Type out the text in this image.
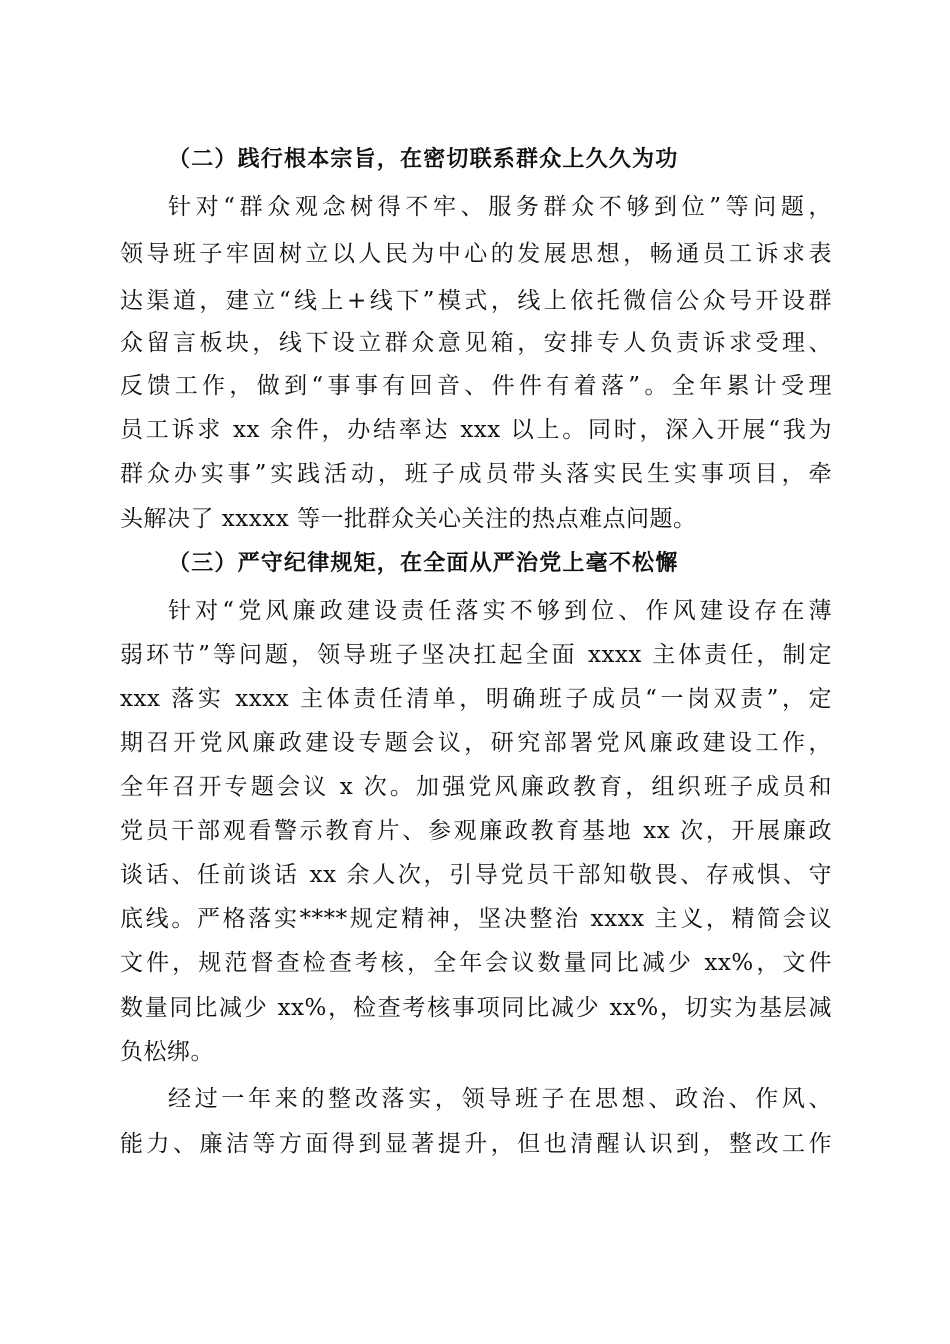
（二）践行根本宗旨，在密切联系群众上久久为功
针对“群众观念树得不牢、服务群众不够到位”等问题，
领导班子牢固树立以人民为中心的发展思想，畅通员工诉求表
达渠道，建立“线上+线下”模式，线上依托微信公众号开设群
众留言板块，线下设立群众意见箱，安排专人负责诉求受理、
反馈工作，做到“事事有回音、件件有着落”。全年累计受理
员工诉求 xx 余件，办结率达 xxx 以上。同时，深入开展“我为
群众办实事”实践活动，班子成员带头落实民生实事项目，牵
头解决了 xxxxx 等一批群众关心关注的热点难点问题。
（三）严守纪律规矩，在全面从严治党上毫不松懈
针对“党风廉政建设责任落实不够到位、作风建设存在薄
弱环节”等问题，领导班子坚决扛起全面 xxxx 主体责任，制定
xxx 落实 xxxx 主体责任清单，明确班子成员“一岗双责”，定
期召开党风廉政建设专题会议，研究部署党风廉政建设工作，
全年召开专题会议 x 次。加强党风廉政教育，组织班子成员和
党员干部观看警示教育片、参观廉政教育基地 xx 次，开展廉政
谈话、任前谈话 xx 余人次，引导党员干部知敬畏、存戒惧、守
底线。严格落实****规定精神，坚决整治 xxxx 主义，精简会议
文件，规范督查检查考核，全年会议数量同比减少 xx%，文件
数量同比减少 xx%，检查考核事项同比减少 xx%，切实为基层减
负松绑。
经过一年来的整改落实，领导班子在思想、政治、作风、
能力、廉洁等方面得到显著提升，但也清醒认识到，整改工作
